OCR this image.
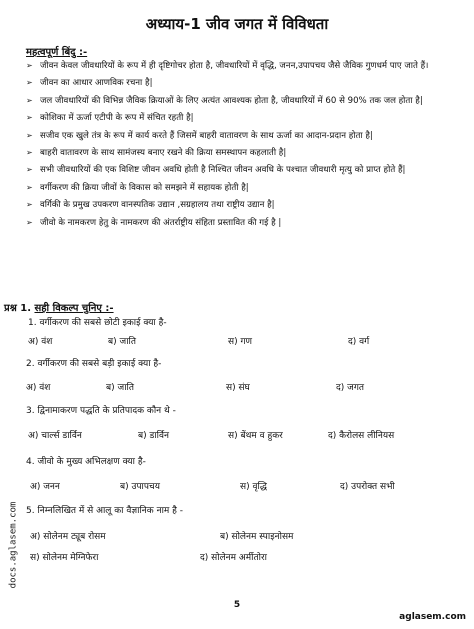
अध्याय-1 जीव जगत में विविधता
महत्वपूर्ण बिंदु :-
➢ जीवन केवल जीवधारियों के रूप में ही दृष्टिगोचर होता है, जीवधारियों में वृद्धि, जनन,उपापचय जैसे जैविक गुणधर्म पाए जाते हैं।
➢ जीवन का आधार आणविक रचना है|
➢ जल जीवधारियों की विभिन्न जैविक क्रियाओं के लिए अत्यंत आवश्यक होता है, जीवधारियों में 60 से 90% तक जल होता है|
➢ कोशिका में ऊर्जा एटीपी के रूप में संचित रहती है|
➢ सजीव एक खुले तंत्र के रूप में कार्य करते हैं जिसमें बाहरी वातावरण के साथ ऊर्जा का आदान-प्रदान होता है|
➢ बाहरी वातावरण के साथ सामंजस्य बनाए रखने की क्रिया समस्थापन कहलाती है|
➢ सभी जीवधारियों की एक विशिष्ट जीवन अवधि होती है निश्चित जीवन अवधि के पश्चात जीवधारी मृत्यु को प्राप्त होते हैं|
➢ वर्गीकरण की क्रिया जीवों के विकास को समझने में सहायक होती है|
➢ वर्गिकी के प्रमुख उपकरण वानस्पतिक उद्यान ,सग्रहालय तथा राष्ट्रीय उद्यान है|
➢ जीवो के नामकरण हेतु के नामकरण की अंतर्राष्ट्रीय संहिता प्रस्तावित की गई है |
प्रश्न 1. सही विकल्प चुनिए :-
1. वर्गीकरण की सबसे छोटी इकाई क्या है-
अ) वंश	ब) जाति	स) गण	द) वर्ग
2. वर्गीकरण की सबसे बड़ी इकाई क्या है-
अ) वंश	ब) जाति	स) संघ	द) जगत
3. द्विनामाकरण पद्धति के प्रतिपादक कौन थे -
अ) चार्ल्स डार्विन	ब) डार्विन	स) बेंथम व हुकर	द) कैरोलस लीनियस
4. जीवो के मुख्य अभिलक्षण क्या है-
अ) जनन	ब) उपापचय	स) वृद्धि	द) उपरोक्त सभी
5. निम्नलिखित में से आलू का वैज्ञानिक नाम है -
अ) सोलेनम ट्यूब रोसम	ब) सोलेनम स्पाइनोसम
स) सोलेनम मेग्निफेरा	द) सोलेनम अर्मीतोरा
5
docs.aglasem.com
aglasem.com
